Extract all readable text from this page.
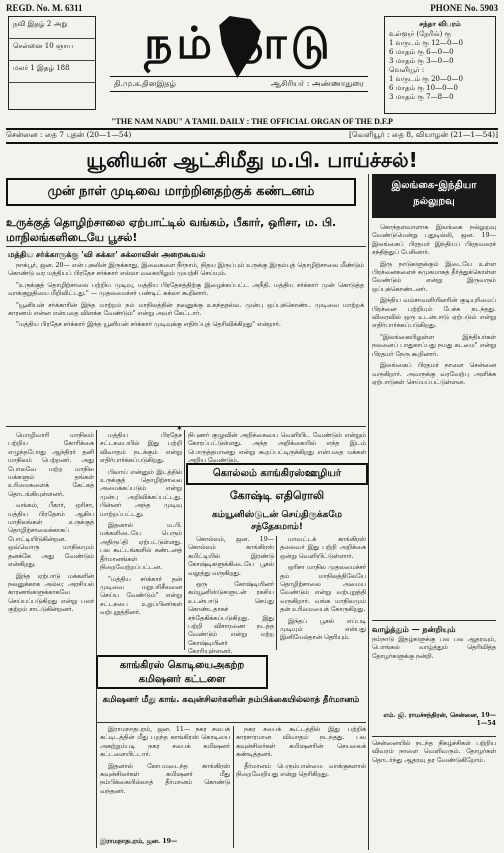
REGD. No. M. 6311	PHONE No. 5903
நவி இதழ் 2 அறு
சென்னை 10 ஞாய
மலர் 1 இதழ் 188	நம் நாடு
தி.மு.க.தினஇதழ்	ஆசிரியர் : அண்ணாதுரை
சந்தா விபரம்
உள்ளூர் (நேரில்) ரூ
1 வருடம் ரூ 12—0—0
6 மாதம் ரூ 6—0—0
3 மாதம் ரூ 3—0—0
வெளியூர் :
1 வருடம் ரூ 20—0—0
6 மாதம் ரூ 10—0—0
3 மாதம் ரூ 7—8—0
"THE NAM NADU" A TAMIL DAILY : THE OFFICIAL ORGAN OF THE D.F.P
சென்னை : தை 7 புதன் (20—1—54)	[வெளியூர் : தை 8, வியாழன் (21—1—54)]
யூனியன் ஆட்சிமீது ம.பி. பாய்ச்சல்!
முன் நாள் முடிவை மாற்றினதற்குக் கண்டனம்
உருக்குத் தொழிற்சாலை ஏற்பாட்டில் வங்கம், பீகார், ஒரிசா, ம. பி. மாநிலங்களிடையே பூசல்!
மத்திய சர்க்காருக்கு 'வி சுக்கா' சுக்லாவின் அறைகூவல்
இலங்கை-இந்தியா நல்லுறவு

கொந்தளவாளாக இலங்கை நல்லுறவு வேண்டுமென்று புதுடில்லி, ஜன. 19— இலங்கைப் பிரதமர் இந்தியப் பிரதமரைச் சந்தித்துப் பேசினார்.

இரு நாடுகளுக்கும் இடையே உள்ள பிரச்னைகளைச் சுமுகமாகத் தீர்த்துக்கொள்ள வேண்டும் என்று இருவரும் ஒப்புக்கொண்டனர்.

இந்திய வம்சாவளியினரின் குடியுரிமைப் பிரச்னை பற்றியும் பேச்சு நடந்தது. விரைவில் ஒரு உடன்பாடு ஏற்படும் என்று எதிர்பார்க்கப்படுகிறது.

"இலங்கையிலுள்ள இந்தியர்கள் நலனைப் பாதுகாப்பது நமது கடமை" என்று பிரதமர் நேரு கூறினார்.

இலங்கைப் பிரதமர் நாளை சென்னை வருகிறார். அவருக்கு வரவேற்பு அளிக்க ஏற்பாடுகள் செய்யப்பட்டுள்ளன.

வாழ்த்தும் — நன்றியும்
நம்நாடு இதழ்களுக்கு பல பல ஆதரவும், பொங்கல் வாழ்த்தும் தெரிவித்த தோழர்களுக்கு நன்றி.
எம். ஜி. ராமச்சந்திரன், சென்னை, 19—1—54
சென்னையில் நடந்த நிகழ்ச்சிகள் பற்றிய விவரம் நாளை வெளிவரும். தோழர்கள் தொடர்ந்து ஆதரவு தர வேண்டுகிறோம்.

நாக்பூர், ஜன. 20— என் புகலின் இருக்காது, இவைகளை நீர்நாம், நிதய இருப்பும் உருக்கு இரும்புத் தொழிற்சாலை மீண்டும் கொண்டு வர மத்தியப் பிரதேச சர்க்கார் எல்லா வகையிலும் முயற்சி செய்யும்.

"உருக்குத் தொழிற்சாலை பற்றிய முடிவு, மத்திய பிரதேசத்திற்கு இழைக்கப்பட்ட அநீதி. மத்திய சர்க்கார் முன் கொடுத்த வாக்குறுதியை மீறிவிட்டது." — முதலமைச்சர் பண்டிட் சுக்லா கூறினார்.

"யூனியன் சர்க்காரின் இந்த மாற்றம் நம் மாநிலத்தின் நலனுக்கு உகந்ததல்ல. முன்பு ஒப்புக்கொண்ட முடிவை மாற்றக் காரணம் என்ன என்பதை விளக்க வேண்டும்" என்று அவர் கேட்டார்.

"மத்திய பிரதேச சர்க்கார் இந்த யூனியன் சர்க்கார் முடிவுக்கு எதிர்ப்புத் தெரிவிக்கிறது" என்றார்.

✶

மொழிவாரி மாநிலம் பற்றிய கோரிக்கை எழுந்தபோது ஆந்திரர் தனி மாநிலம் பெற்றனர். அது போலவே மற்ற மாநில மக்களும் தங்கள் உரிமைகளைக் கேட்கத் தொடங்கியுள்ளனர்.

வங்கம், பீகார், ஒரிசா, மத்திய பிரதேசம் ஆகிய மாநிலங்கள் உருக்குத் தொழிற்சாலைக்காகப் போட்டியிடுகின்றன. ஒவ்வொரு மாநிலமும் தனக்கே அது வேண்டும் என்கிறது.

இந்த ஏற்பாடு மக்களின் நலனுக்காக அல்ல; அரசியல் காரணங்களுக்காகவே செய்யப்படுகிறது என்று பலர் குற்றம் சாட்டுகின்றனர்.

மத்திய பிரதேச சட்டசபையில் இது பற்றி விவாதம் நடக்கும் என்று எதிர்பார்க்கப்படுகிறது.

பிலாய் என்னும் இடத்தில் உருக்குத் தொழிற்சாலை அமைக்கப்படும் என்று முன்பு அறிவிக்கப்பட்டது. பின்னர் அந்த முடிவு மாற்றப்பட்டது.

இதனால் ம.பி. மக்களிடையே பெரும் அதிருப்தி ஏற்பட்டுள்ளது. பல கூட்டங்களில் கண்டனத் தீர்மானங்கள் நிறைவேற்றப்பட்டன.

"மத்திய சர்க்கார் தன் முடிவை மறுபரிசீலனை செய்ய வேண்டும்" என்று சட்டசபை உறுப்பினர்கள் வற்புறுத்தினர்.

நிபுணர் குழுவின் அறிக்கையை வெளியிட வேண்டும் என்றும் கோரப்பட்டுள்ளது. அந்த அறிக்கையில் எந்த இடம் பொருத்தமானது என்று கூறப்பட்டிருக்கிறது என்பதை மக்கள் அறிய வேண்டும்.
கொல்லம் காங்கிரஸ்ஊழியர்
கோஷ்டி எதிரொலி
கம்யூனிஸ்டுடன் செய்திருக்கமே சந்தேகமாம்!

கொல்லம், ஜன. 19— கொல்லம் காங்கிரஸ் கமிட்டியில் இரண்டு கோஷ்டிகளுக்கிடையே பூசல் வலுத்து வருகிறது.

ஒரு கோஷ்டியினர் கம்யூனிஸ்டுகளுடன் ரகசிய உடன்பாடு செய்து கொண்டதாகச் சந்தேகிக்கப்படுகிறது. இது பற்றி விசாரணை நடத்த வேண்டும் என்று மற்ற கோஷ்டியினர் கோரியுள்ளனர்.

மாவட்டக் காங்கிரஸ் தலைவர் இது பற்றி அறிக்கை ஒன்று வெளியிட்டுள்ளார்.

ஒரிசா மாநில முதலமைச்சர் தம் மாநிலத்திலேயே தொழிற்சாலை அமைய வேண்டும் என்று வற்புறுத்தி வருகிறார். வங்க மாநிலமும் தன் உரிமையைக் கோருகிறது.

இந்தப் பூசல் எப்படி முடியும் என்பது இனிமேல்தான் தெரியும்.

காங்கிரஸ் கொடியைஅகற்ற கமிஷனர் கட்டளை
கமிஷனர் மீது காங். கவுன்சிலர்களின் நம்பிக்கையில்லாத் தீர்மானம்

இராமநாதபுரம், ஜன. 11— நகர சபைக் கட்டிடத்தின் மீது பறந்த காங்கிரஸ் கொடியை அகற்றும்படி நகர சபைக் கமிஷனர் கட்டளையிட்டார்.

இதனால் கோபமடைந்த காங்கிரஸ் கவுன்சிலர்கள் கமிஷனர் மீது நம்பிக்கையில்லாத் தீர்மானம் கொண்டு வந்தனர்.

நகர சபைக் கூட்டத்தில் இது பற்றிக் காரசாரமான விவாதம் நடந்தது. பல கவுன்சிலர்கள் கமிஷனரின் செயலைக் கண்டித்தனர்.

தீர்மானம் பெரும்பான்மை வாக்குகளால் நிறைவேறியது என்று தெரிகிறது.

இராமநாதபுரம், ஜன. 19—
